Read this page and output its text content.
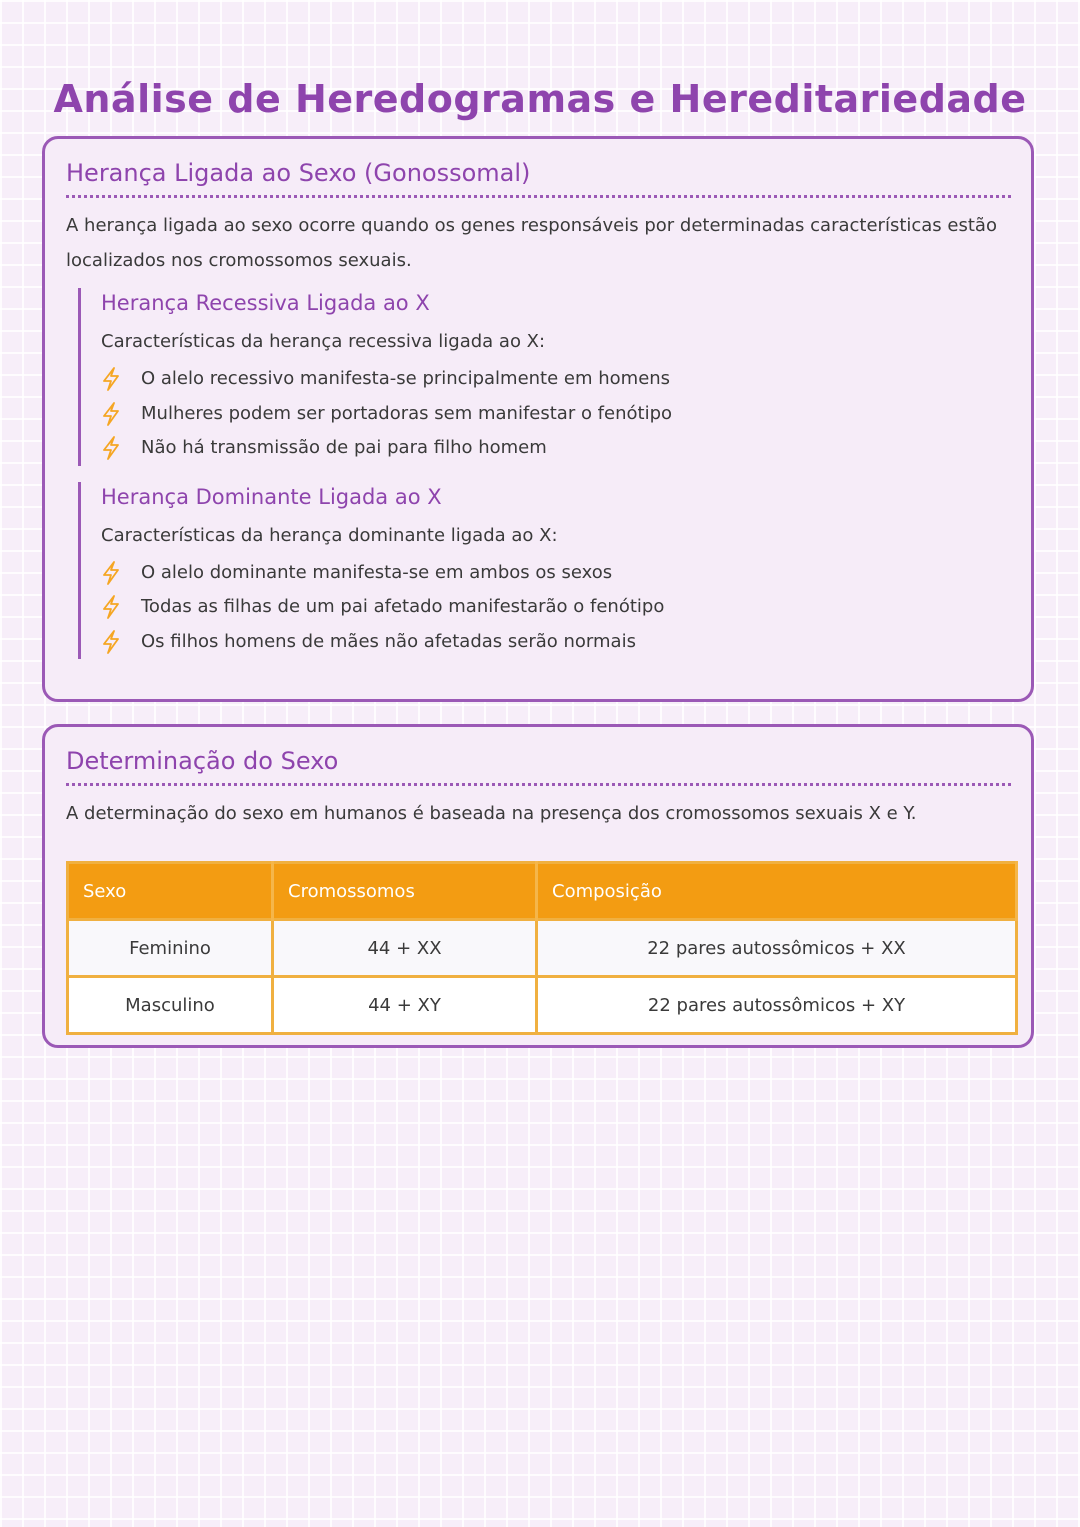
Análise de Heredogramas e Hereditariedade
Herança Ligada ao Sexo (Gonossomal)

A herança ligada ao sexo ocorre quando os genes responsáveis por determinadas características estão localizados nos cromossomos sexuais.

Herança Recessiva Ligada ao X

Características da herança recessiva ligada ao X:

O alelo recessivo manifesta-se principalmente em homens
Mulheres podem ser portadoras sem manifestar o fenótipo
Não há transmissão de pai para filho homem
Herança Dominante Ligada ao X

Características da herança dominante ligada ao X:

O alelo dominante manifesta-se em ambos os sexos
Todas as filhas de um pai afetado manifestarão o fenótipo
Os filhos homens de mães não afetadas serão normais
Determinação do Sexo

A determinação do sexo em humanos é baseada na presença dos cromossomos sexuais X e Y.

Sexo	Cromossomos	Composição
Feminino	44 + XX	22 pares autossômicos + XX
Masculino	44 + XY	22 pares autossômicos + XY
